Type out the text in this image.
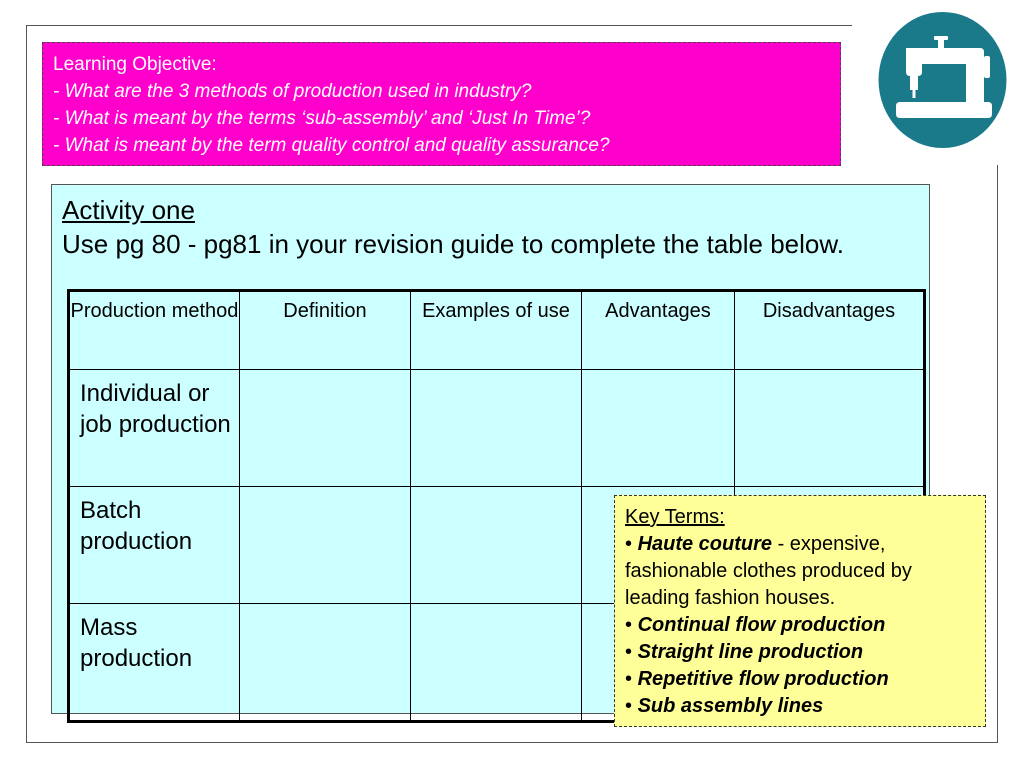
Learning Objective:
- What are the 3 methods of production used in industry?
- What is meant by the terms ‘sub-assembly’ and ‘Just In Time’?
- What is meant by the term quality control and quality assurance?
Activity one
Use pg 80 - pg81 in your revision guide to complete the table below.
Production method	Definition	Examples of use	Advantages	Disadvantages
Individual or job production				
Batch production				
Mass production				
Key Terms:
• Haute couture - expensive, fashionable clothes produced by leading fashion houses.
• Continual flow production
• Straight line production
• Repetitive flow production
• Sub assembly lines
